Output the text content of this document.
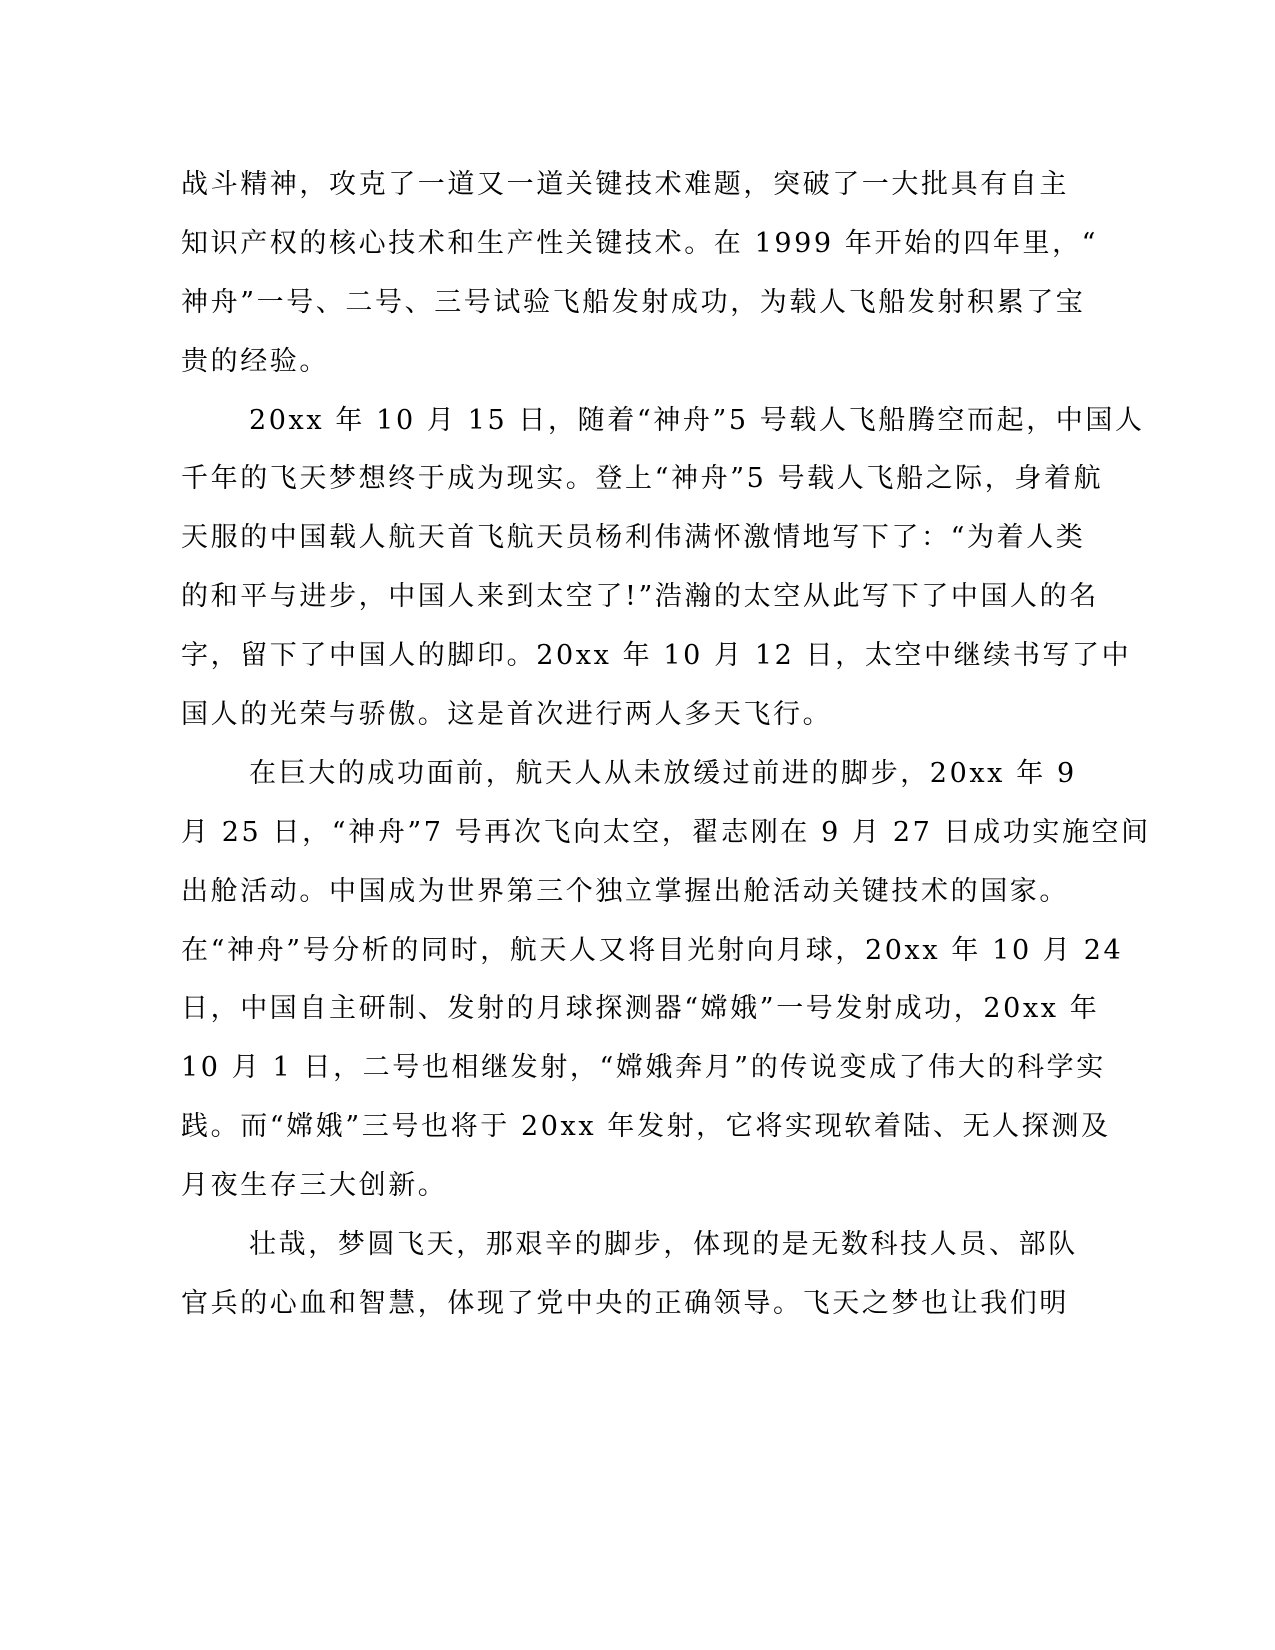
战斗精神，攻克了一道又一道关键技术难题，突破了一大批具有自主
知识产权的核心技术和生产性关键技术。在 1999 年开始的四年里，“
神舟”一号、二号、三号试验飞船发射成功，为载人飞船发射积累了宝
贵的经验。
20xx 年 10 月 15 日，随着“神舟”5 号载人飞船腾空而起，中国人
千年的飞天梦想终于成为现实。登上“神舟”5 号载人飞船之际，身着航
天服的中国载人航天首飞航天员杨利伟满怀激情地写下了：“为着人类
的和平与进步，中国人来到太空了!”浩瀚的太空从此写下了中国人的名
字，留下了中国人的脚印。20xx 年 10 月 12 日，太空中继续书写了中
国人的光荣与骄傲。这是首次进行两人多天飞行。
在巨大的成功面前，航天人从未放缓过前进的脚步，20xx 年 9
月 25 日，“神舟”7 号再次飞向太空，翟志刚在 9 月 27 日成功实施空间
出舱活动。中国成为世界第三个独立掌握出舱活动关键技术的国家。
在“神舟”号分析的同时，航天人又将目光射向月球，20xx 年 10 月 24
日，中国自主研制、发射的月球探测器“嫦娥”一号发射成功，20xx 年
10 月 1 日，二号也相继发射，“嫦娥奔月”的传说变成了伟大的科学实
践。而“嫦娥”三号也将于 20xx 年发射，它将实现软着陆、无人探测及
月夜生存三大创新。
壮哉，梦圆飞天，那艰辛的脚步，体现的是无数科技人员、部队
官兵的心血和智慧，体现了党中央的正确领导。飞天之梦也让我们明
